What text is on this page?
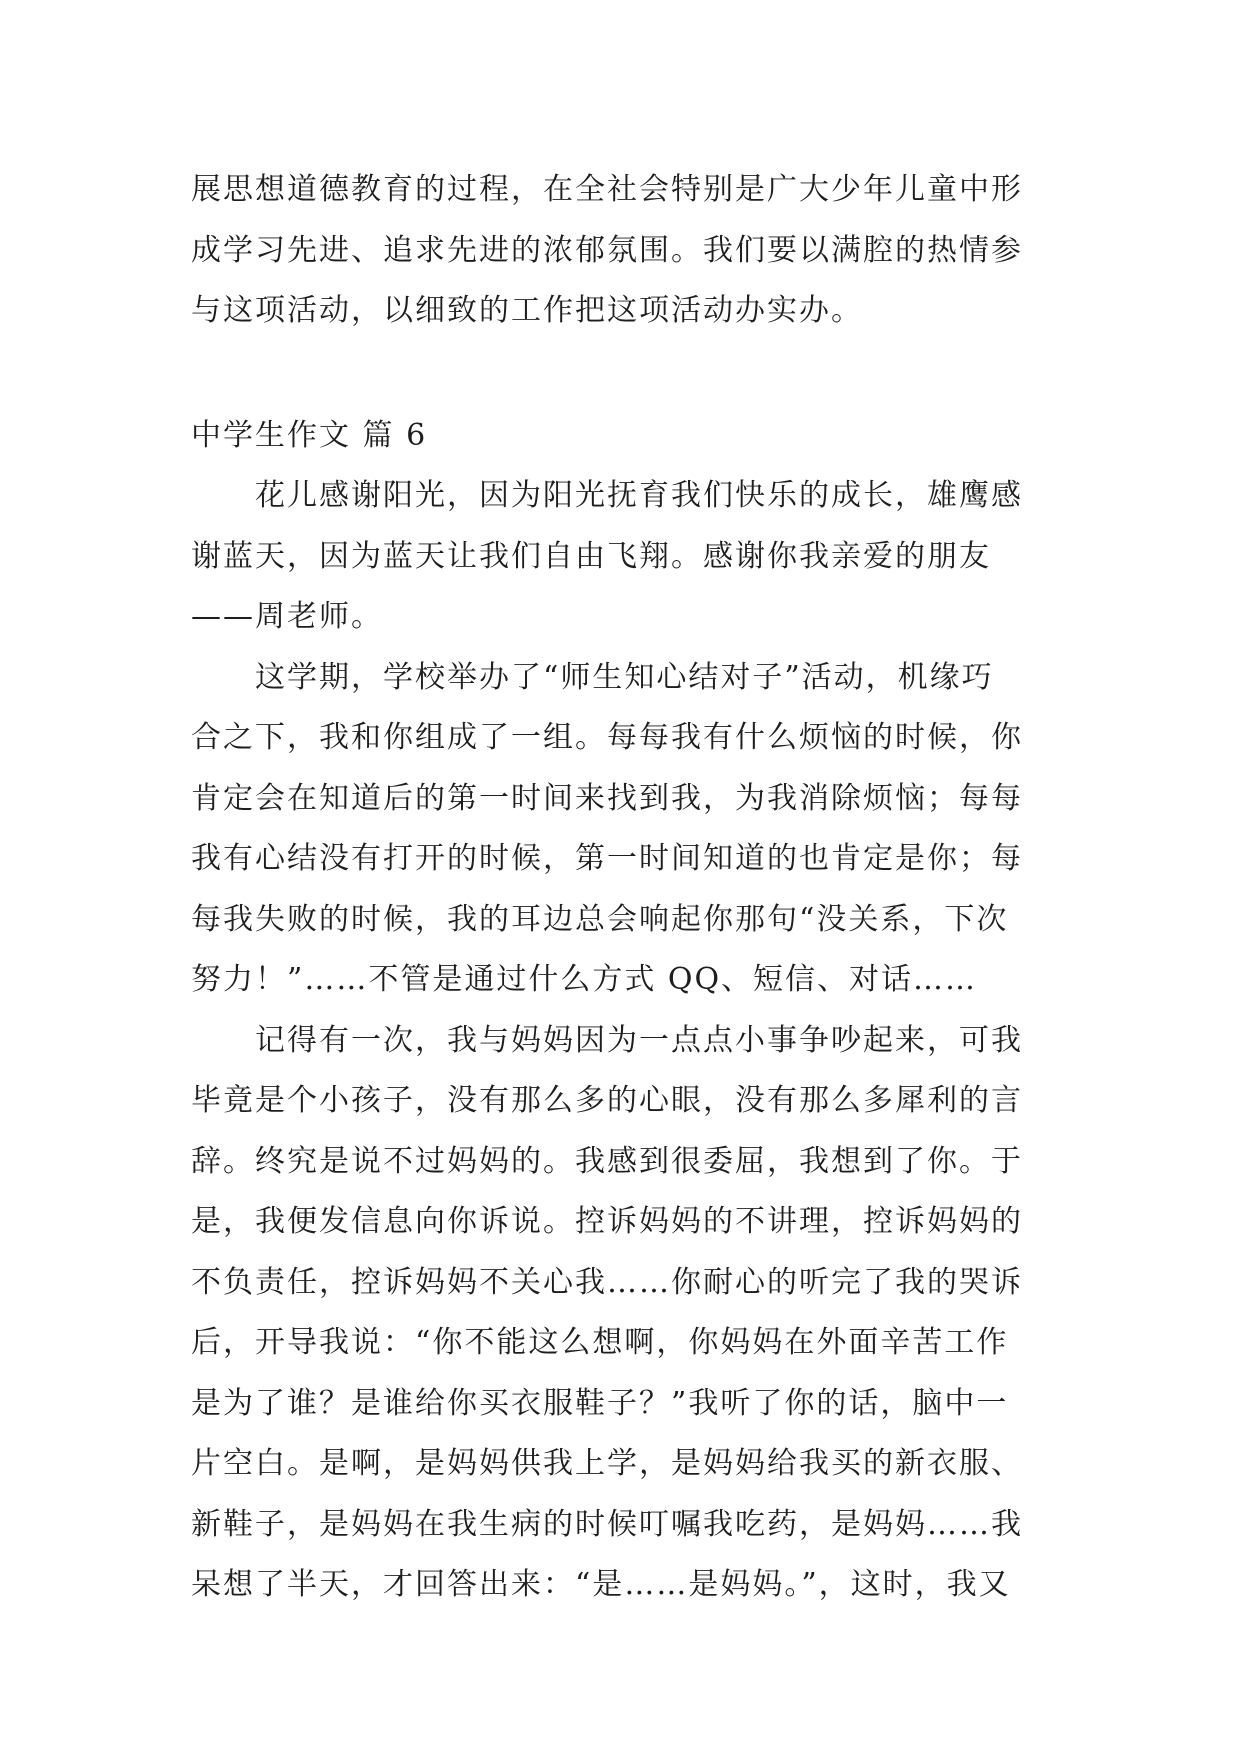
展思想道德教育的过程，在全社会特别是广大少年儿童中形
成学习先进、追求先进的浓郁氛围。我们要以满腔的热情参
与这项活动，以细致的工作把这项活动办实办。
中学生作文 篇 6
花儿感谢阳光，因为阳光抚育我们快乐的成长，雄鹰感
谢蓝天，因为蓝天让我们自由飞翔。感谢你我亲爱的朋友
——周老师。
这学期，学校举办了“师生知心结对子”活动，机缘巧
合之下，我和你组成了一组。每每我有什么烦恼的时候，你
肯定会在知道后的第一时间来找到我，为我消除烦恼；每每
我有心结没有打开的时候，第一时间知道的也肯定是你；每
每我失败的时候，我的耳边总会响起你那句“没关系，下次
努力！”……不管是通过什么方式 QQ、短信、对话……
记得有一次，我与妈妈因为一点点小事争吵起来，可我
毕竟是个小孩子，没有那么多的心眼，没有那么多犀利的言
辞。终究是说不过妈妈的。我感到很委屈，我想到了你。于
是，我便发信息向你诉说。控诉妈妈的不讲理，控诉妈妈的
不负责任，控诉妈妈不关心我……你耐心的听完了我的哭诉
后，开导我说：“你不能这么想啊，你妈妈在外面辛苦工作
是为了谁？是谁给你买衣服鞋子？”我听了你的话，脑中一
片空白。是啊，是妈妈供我上学，是妈妈给我买的新衣服、
新鞋子，是妈妈在我生病的时候叮嘱我吃药，是妈妈……我
呆想了半天，才回答出来：“是……是妈妈。”，这时，我又
